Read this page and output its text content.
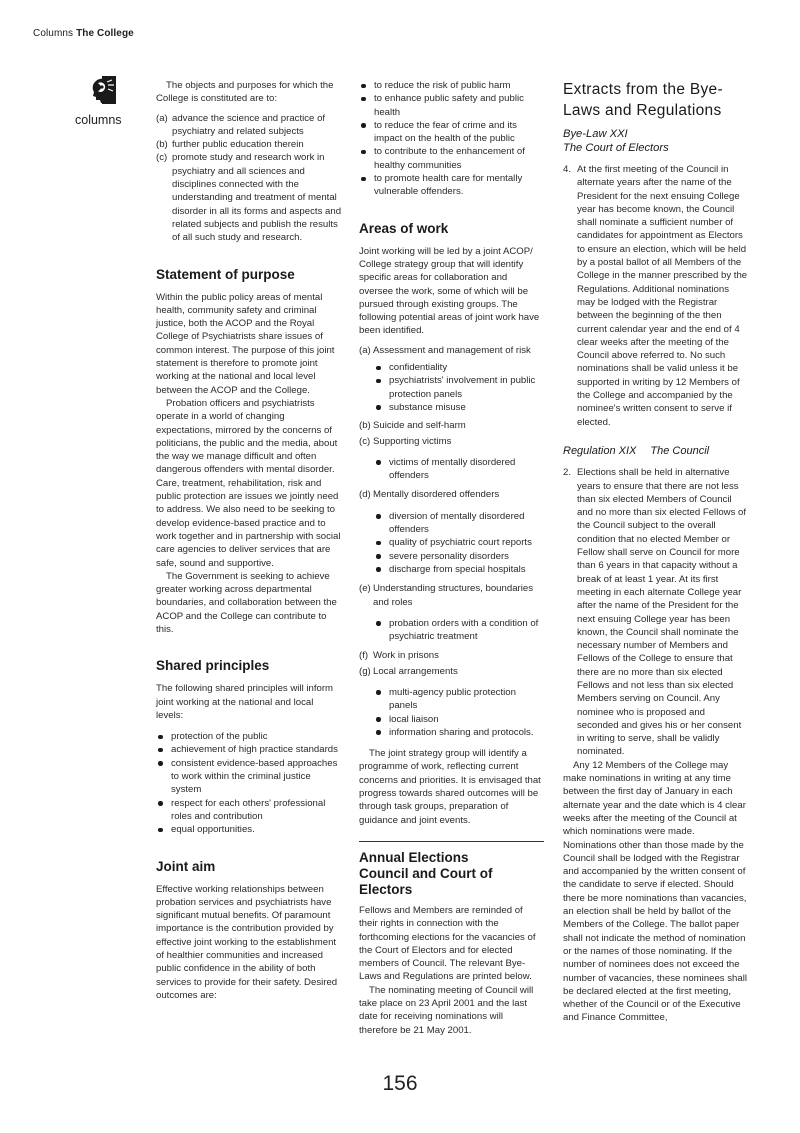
Columns The College
columns

The objects and purposes for which the College is constituted are to:

(a) advance the science and practice of psychiatry and related subjects
(b) further public education therein
(c) promote study and research work in psychiatry and all sciences and disciplines connected with the understanding and treatment of mental disorder in all its forms and aspects and related subjects and publish the results of all such study and research.
Statement of purpose

Within the public policy areas of mental health, community safety and criminal justice, both the ACOP and the Royal College of Psychiatrists share issues of common interest. The purpose of this joint statement is therefore to promote joint working at the national and local level between the ACOP and the College.

Probation officers and psychiatrists operate in a world of changing expectations, mirrored by the concerns of politicians, the public and the media, about the way we manage difficult and often dangerous offenders with mental disorder. Care, treatment, rehabilitation, risk and public protection are issues we jointly need to address. We also need to be seeking to develop evidence-based practice and to work together and in partnership with social care agencies to deliver services that are safe, sound and supportive.

The Government is seeking to achieve greater working across departmental boundaries, and collaboration between the ACOP and the College can contribute to this.

Shared principles

The following shared principles will inform joint working at the national and local levels:

protection of the public
achievement of high practice standards
consistent evidence-based approaches to work within the criminal justice system
respect for each others' professional roles and contribution
equal opportunities.
Joint aim

Effective working relationships between probation services and psychiatrists have significant mutual benefits. Of paramount importance is the contribution provided by effective joint working to the establishment of healthier communities and increased public confidence in the ability of both services to provide for their safety. Desired outcomes are:

to reduce the risk of public harm
to enhance public safety and public health
to reduce the fear of crime and its impact on the health of the public
to contribute to the enhancement of healthy communities
to promote health care for mentally vulnerable offenders.
Areas of work

Joint working will be led by a joint ACOP/ College strategy group that will identify specific areas for collaboration and oversee the work, some of which will be pursued through existing groups. The following potential areas of joint work have been identified.

(a) Assessment and management of risk
confidentiality
psychiatrists' involvement in public protection panels
substance misuse
(b) Suicide and self-harm
(c) Supporting victims
victims of mentally disordered offenders
(d) Mentally disordered offenders
diversion of mentally disordered offenders
quality of psychiatric court reports
severe personality disorders
discharge from special hospitals
(e) Understanding structures, boundaries and roles
probation orders with a condition of psychiatric treatment
(f) Work in prisons
(g) Local arrangements
multi-agency public protection panels
local liaison
information sharing and protocols.

The joint strategy group will identify a programme of work, reflecting current concerns and priorities. It is envisaged that progress towards shared outcomes will be through task groups, preparation of guidance and joint events.

Annual Elections
Council and Court of Electors

Fellows and Members are reminded of their rights in connection with the forthcoming elections for the vacancies of the Court of Electors and for elected members of Council. The relevant Bye-Laws and Regulations are printed below.

The nominating meeting of Council will take place on 23 April 2001 and the last date for receiving nominations will therefore be 21 May 2001.

Extracts from the Bye-Laws and Regulations

Bye-Law XXI

The Court of Electors

4. At the first meeting of the Council in alternate years after the name of the President for the next ensuing College year has become known, the Council shall nominate a sufficient number of candidates for appointment as Electors to ensure an election, which will be held by a postal ballot of all Members of the College in the manner prescribed by the Regulations. Additional nominations may be lodged with the Registrar between the beginning of the then current calendar year and the end of 4 clear weeks after the meeting of the Council above referred to. No such nominations shall be valid unless it be supported in writing by 12 Members of the College and accompanied by the nominee's written consent to serve if elected.

Regulation XIX The Council

2. Elections shall be held in alternative years to ensure that there are not less than six elected Members of Council and no more than six elected Fellows of the Council subject to the overall condition that no elected Member or Fellow shall serve on Council for more than 6 years in that capacity without a break of at least 1 year. At its first meeting in each alternate College year after the name of the President for the next ensuing College year has been known, the Council shall nominate the necessary number of Members and Fellows of the College to ensure that there are no more than six elected Fellows and not less than six elected Members serving on Council. Any nominee who is proposed and seconded and gives his or her consent in writing to serve, shall be validly nominated.

Any 12 Members of the College may make nominations in writing at any time between the first day of January in each alternate year and the date which is 4 clear weeks after the meeting of the Council at which nominations were made. Nominations other than those made by the Council shall be lodged with the Registrar and accompanied by the written consent of the candidate to serve if elected. Should there be more nominations than vacancies, an election shall be held by ballot of the Members of the College. The ballot paper shall not indicate the method of nomination or the names of those nominating. If the number of nominees does not exceed the number of vacancies, these nominees shall be declared elected at the first meeting, whether of the Council or of the Executive and Finance Committee,

156
